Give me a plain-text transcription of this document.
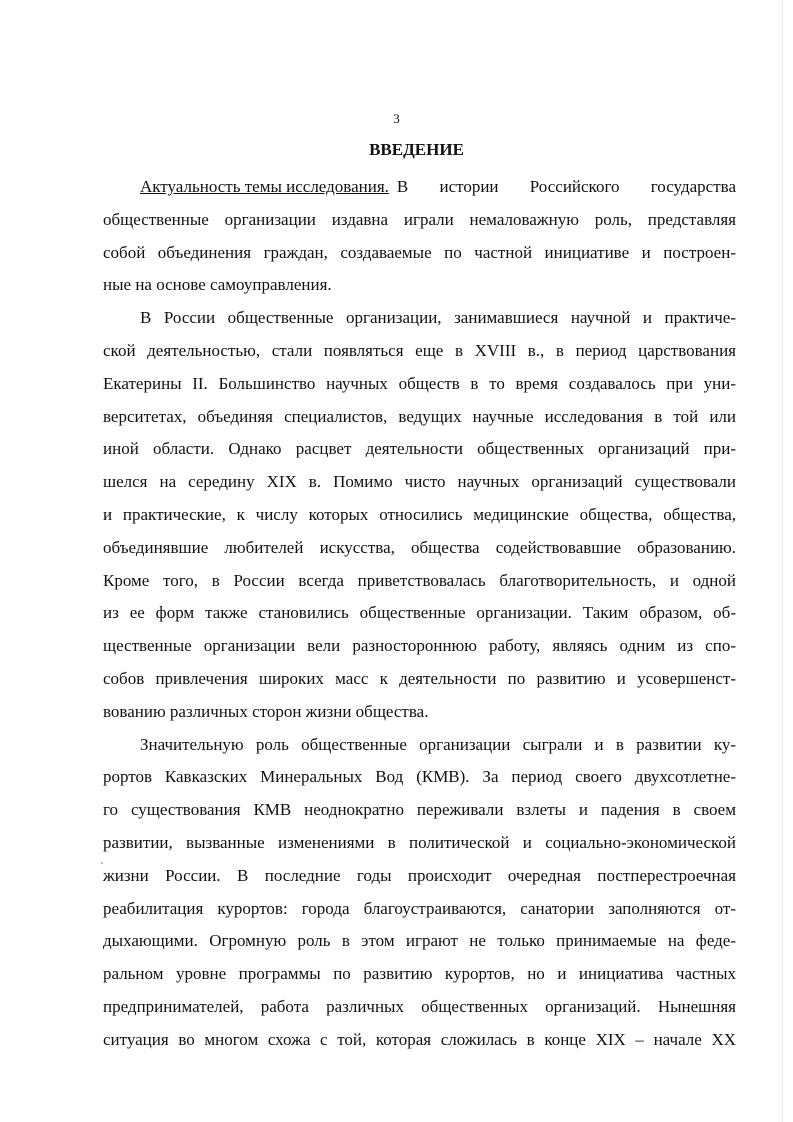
3
ВВЕДЕНИЕ
Актуальность темы исследования. В истории Российского государства
общественные организации издавна играли немаловажную роль, представляя
собой объединения граждан, создаваемые по частной инициативе и построен-
ные на основе самоуправления.
В России общественные организации, занимавшиеся научной и практиче-
ской деятельностью, стали появляться еще в XVIII в., в период царствования
Екатерины II. Большинство научных обществ в то время создавалось при уни-
верситетах, объединяя специалистов, ведущих научные исследования в той или
иной области. Однако расцвет деятельности общественных организаций при-
шелся на середину XIX в. Помимо чисто научных организаций существовали
и практические, к числу которых относились медицинские общества, общества,
объединявшие любителей искусства, общества содействовавшие образованию.
Кроме того, в России всегда приветствовалась благотворительность, и одной
из ее форм также становились общественные организации. Таким образом, об-
щественные организации вели разностороннюю работу, являясь одним из спо-
собов привлечения широких масс к деятельности по развитию и усовершенст-
вованию различных сторон жизни общества.
Значительную роль общественные организации сыграли и в развитии ку-
рортов Кавказских Минеральных Вод (КМВ). За период своего двухсотлетне-
го существования КМВ неоднократно переживали взлеты и падения в своем
развитии, вызванные изменениями в политической и социально-экономической
жизни России. В последние годы происходит очередная постперестроечная
реабилитация курортов: города благоустраиваются, санатории заполняются от-
дыхающими. Огромную роль в этом играют не только принимаемые на феде-
ральном уровне программы по развитию курортов, но и инициатива частных
предпринимателей, работа различных общественных организаций. Нынешняя
ситуация во многом схожа с той, которая сложилась в конце XIX – начале XX
